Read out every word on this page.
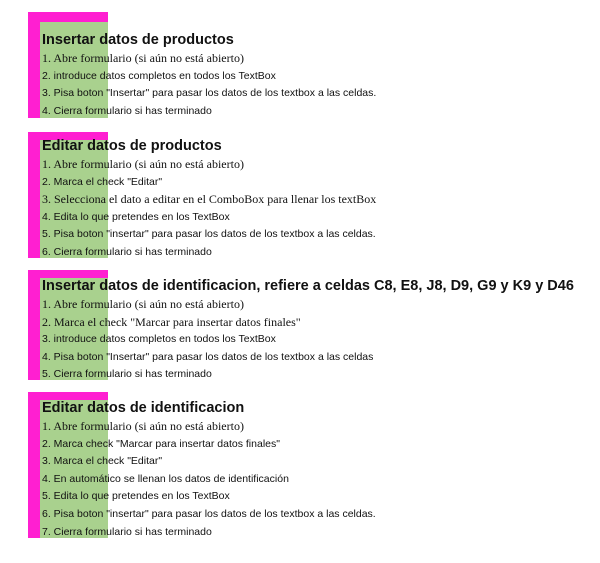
Insertar datos de productos
1. Abre formulario (si aún no está abierto)
2. introduce datos completos en todos los TextBox
3. Pisa boton "Insertar" para pasar los datos de los textbox a las celdas.
4. Cierra formulario si has terminado
Editar datos de productos
1. Abre formulario (si aún no está abierto)
2. Marca el check "Editar"
3. Selecciona el dato a editar en el ComboBox para llenar los textBox
4. Edita lo que pretendes en los TextBox
5. Pisa boton "insertar" para pasar los datos de los textbox a las celdas.
6. Cierra formulario si has terminado
Insertar datos de identificacion, refiere a celdas C8, E8, J8, D9, G9 y K9 y D46
1. Abre formulario (si aún no está abierto)
2. Marca el check "Marcar para insertar datos finales"
3. introduce datos completos en todos los TextBox
4. Pisa boton "Insertar" para pasar los datos de los textbox a las celdas
5. Cierra formulario si has terminado
Editar datos de identificacion
1. Abre formulario (si aún no está abierto)
2. Marca check "Marcar para insertar datos finales"
3. Marca el check "Editar"
4. En automático se llenan los datos de identificación
5. Edita lo que pretendes en los TextBox
6. Pisa boton "insertar" para pasar los datos de los textbox a las celdas.
7. Cierra formulario si has terminado
